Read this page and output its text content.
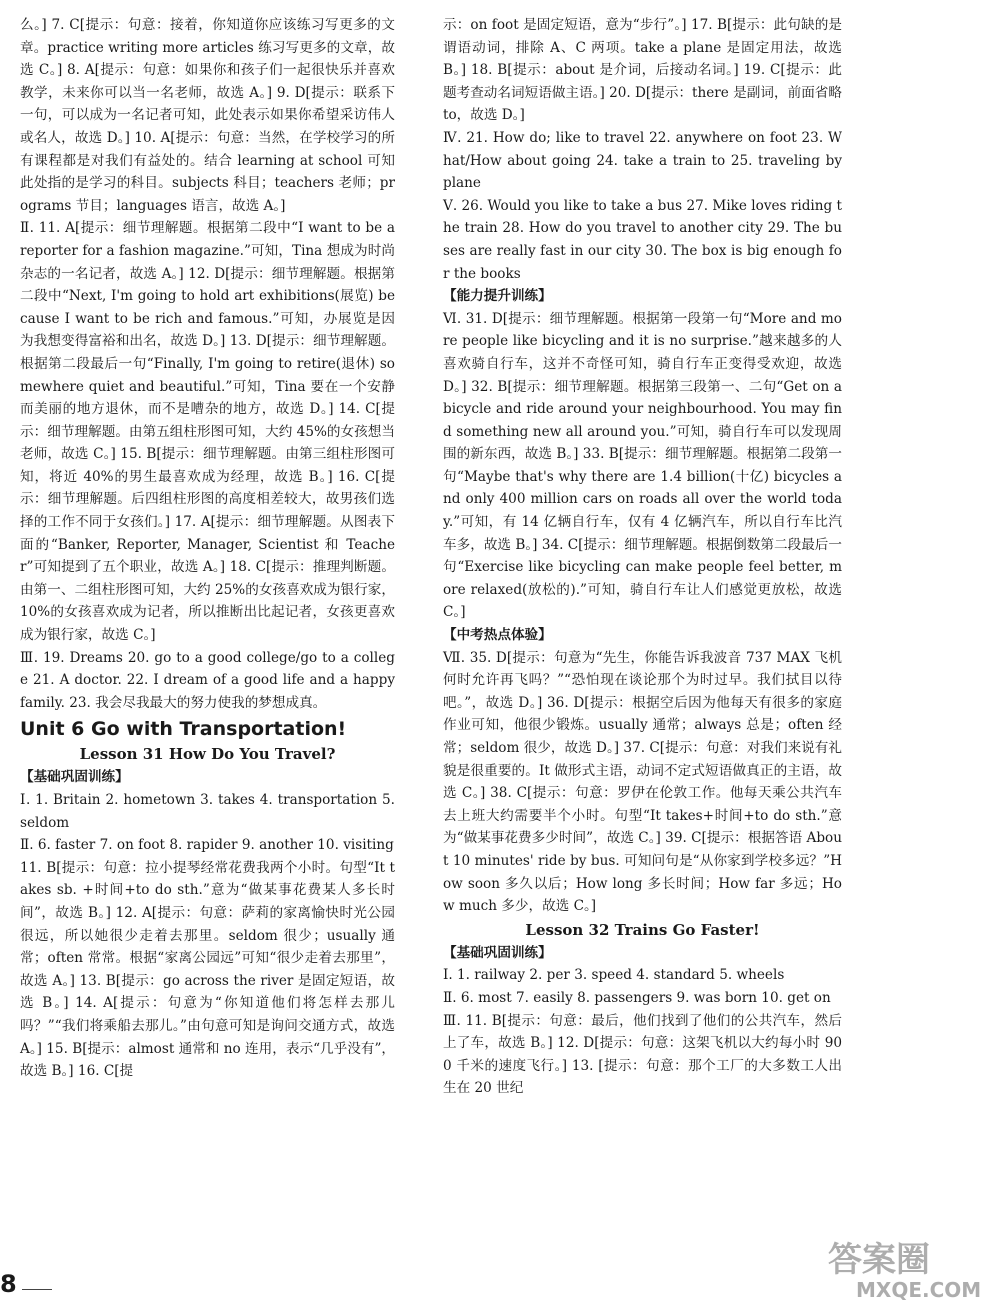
么。] 7. C[提示：句意：接着，你知道你应该练习写更多的文章。practice writing more articles 练习写更多的文章，故选 C。] 8. A[提示：句意：如果你和孩子们一起很快乐并喜欢教学，未来你可以当一名老师，故选 A。] 9. D[提示：联系下一句，可以成为一名记者可知，此处表示如果你希望采访伟人或名人，故选 D。] 10. A[提示：句意：当然，在学校学习的所有课程都是对我们有益处的。结合 learning at school 可知此处指的是学习的科目。subjects 科目；teachers 老师；programs 节目；languages 语言，故选 A。]

Ⅱ. 11. A[提示：细节理解题。根据第二段中“I want to be a reporter for a fashion magazine.”可知，Tina 想成为时尚杂志的一名记者，故选 A。] 12. D[提示：细节理解题。根据第二段中“Next, I'm going to hold art exhibitions(展览) because I want to be rich and famous.”可知，办展览是因为我想变得富裕和出名，故选 D。] 13. D[提示：细节理解题。根据第二段最后一句“Finally, I'm going to retire(退休) somewhere quiet and beautiful.”可知，Tina 要在一个安静而美丽的地方退休，而不是嘈杂的地方，故选 D。] 14. C[提示：细节理解题。由第五组柱形图可知，大约 45%的女孩想当老师，故选 C。] 15. B[提示：细节理解题。由第三组柱形图可知，将近 40%的男生最喜欢成为经理，故选 B。] 16. C[提示：细节理解题。后四组柱形图的高度相差较大，故男孩们选择的工作不同于女孩们。] 17. A[提示：细节理解题。从图表下面的“Banker, Reporter, Manager, Scientist 和 Teacher”可知提到了五个职业，故选 A。] 18. C[提示：推理判断题。由第一、二组柱形图可知，大约 25%的女孩喜欢成为银行家，10%的女孩喜欢成为记者，所以推断出比起记者，女孩更喜欢成为银行家，故选 C。]

Ⅲ. 19. Dreams 20. go to a good college/go to a college 21. A doctor. 22. I dream of a good life and a happy family. 23. 我会尽我最大的努力使我的梦想成真。

Unit 6 Go with Transportation!
Lesson 31 How Do You Travel?
【基础巩固训练】

Ⅰ. 1. Britain 2. hometown 3. takes 4. transportation 5. seldom

Ⅱ. 6. faster 7. on foot 8. rapider 9. another 10. visiting

11. B[提示：句意：拉小提琴经常花费我两个小时。句型“It takes sb. +时间+to do sth.”意为“做某事花费某人多长时间”，故选 B。] 12. A[提示：句意：萨莉的家离愉快时光公园很远，所以她很少走着去那里。seldom 很少；usually 通常；often 常常。根据“家离公园远”可知“很少走着去那里”，故选 A。] 13. B[提示：go across the river 是固定短语，故选 B。] 14. A[提示：句意为“你知道他们将怎样去那儿吗？”“我们将乘船去那儿。”由句意可知是询问交通方式，故选 A。] 15. B[提示：almost 通常和 no 连用，表示“几乎没有”，故选 B。] 16. C[提

示：on foot 是固定短语，意为“步行”。] 17. B[提示：此句缺的是谓语动词，排除 A、C 两项。take a plane 是固定用法，故选 B。] 18. B[提示：about 是介词，后接动名词。] 19. C[提示：此题考查动名词短语做主语。] 20. D[提示：there 是副词，前面省略 to，故选 D。]

Ⅳ. 21. How do; like to travel 22. anywhere on foot 23. What/How about going 24. take a train to 25. traveling by plane

Ⅴ. 26. Would you like to take a bus 27. Mike loves riding the train 28. How do you travel to another city 29. The buses are really fast in our city 30. The box is big enough for the books

【能力提升训练】

Ⅵ. 31. D[提示：细节理解题。根据第一段第一句“More and more people like bicycling and it is no surprise.”越来越多的人喜欢骑自行车，这并不奇怪可知，骑自行车正变得受欢迎，故选 D。] 32. B[提示：细节理解题。根据第三段第一、二句“Get on a bicycle and ride around your neighbourhood. You may find something new all around you.”可知，骑自行车可以发现周围的新东西，故选 B。] 33. B[提示：细节理解题。根据第二段第一句“Maybe that's why there are 1.4 billion(十亿) bicycles and only 400 million cars on roads all over the world today.”可知，有 14 亿辆自行车，仅有 4 亿辆汽车，所以自行车比汽车多，故选 B。] 34. C[提示：细节理解题。根据倒数第二段最后一句“Exercise like bicycling can make people feel better, more relaxed(放松的).”可知，骑自行车让人们感觉更放松，故选 C。]

【中考热点体验】

Ⅶ. 35. D[提示：句意为“先生，你能告诉我波音 737 MAX 飞机何时允许再飞吗？”“恐怕现在谈论那个为时过早。我们拭目以待吧。”，故选 D。] 36. D[提示：根据空后因为他每天有很多的家庭作业可知，他很少锻炼。usually 通常；always 总是；often 经常；seldom 很少，故选 D。] 37. C[提示：句意：对我们来说有礼貌是很重要的。It 做形式主语，动词不定式短语做真正的主语，故选 C。] 38. C[提示：句意：罗伊在伦敦工作。他每天乘公共汽车去上班大约需要半个小时。句型“It takes+时间+to do sth.”意为“做某事花费多少时间”，故选 C。] 39. C[提示：根据答语 About 10 minutes' ride by bus. 可知问句是“从你家到学校多远？”How soon 多久以后；How long 多长时间；How far 多远；How much 多少，故选 C。]

Lesson 32 Trains Go Faster!
【基础巩固训练】

Ⅰ. 1. railway 2. per 3. speed 4. standard 5. wheels

Ⅱ. 6. most 7. easily 8. passengers 9. was born 10. get on

Ⅲ. 11. B[提示：句意：最后，他们找到了他们的公共汽车，然后上了车，故选 B。] 12. D[提示：句意：这架飞机以大约每小时 900 千米的速度飞行。] 13. [提示：句意：那个工厂的大多数工人出生在 20 世纪

8
答案圈
MXQE.COM
